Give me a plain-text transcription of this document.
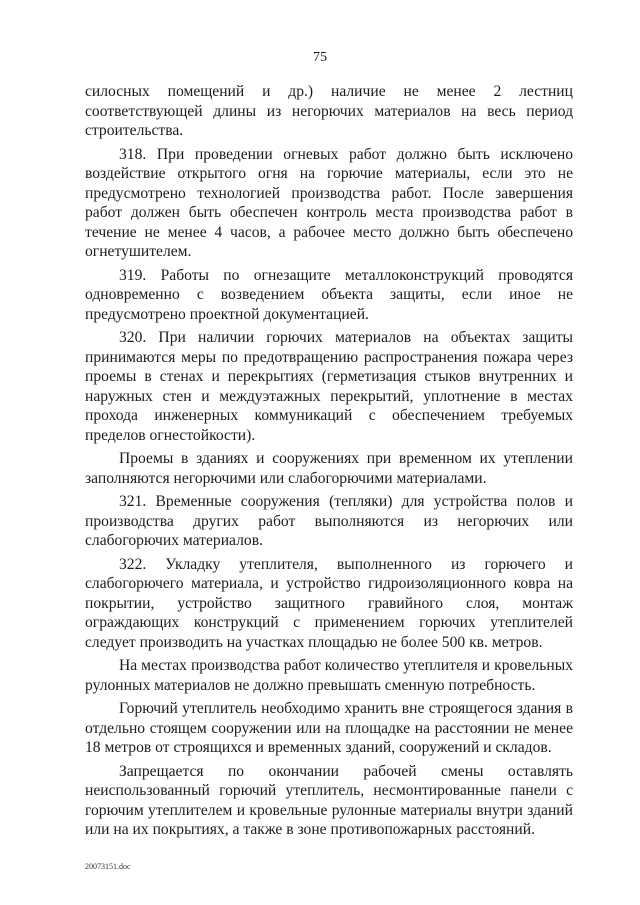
75

силосных помещений и др.) наличие не менее 2 лестниц соответствующей длины из негорючих материалов на весь период строительства.

318. При проведении огневых работ должно быть исключено воздействие открытого огня на горючие материалы, если это не предусмотрено технологией производства работ. После завершения работ должен быть обеспечен контроль места производства работ в течение не менее 4 часов, а рабочее место должно быть обеспечено огнетушителем.

319. Работы по огнезащите металлоконструкций проводятся одновременно с возведением объекта защиты, если иное не предусмотрено проектной документацией.

320. При наличии горючих материалов на объектах защиты принимаются меры по предотвращению распространения пожара через проемы в стенах и перекрытиях (герметизация стыков внутренних и наружных стен и междуэтажных перекрытий, уплотнение в местах прохода инженерных коммуникаций с обеспечением требуемых пределов огнестойкости).

Проемы в зданиях и сооружениях при временном их утеплении заполняются негорючими или слабогорючими материалами.

321. Временные сооружения (тепляки) для устройства полов и производства других работ выполняются из негорючих или слабогорючих материалов.

322. Укладку утеплителя, выполненного из горючего и слабогорючего материала, и устройство гидроизоляционного ковра на покрытии, устройство защитного гравийного слоя, монтаж ограждающих конструкций с применением горючих утеплителей следует производить на участках площадью не более 500 кв. метров.

На местах производства работ количество утеплителя и кровельных рулонных материалов не должно превышать сменную потребность.

Горючий утеплитель необходимо хранить вне строящегося здания в отдельно стоящем сооружении или на площадке на расстоянии не менее 18 метров от строящихся и временных зданий, сооружений и складов.

Запрещается по окончании рабочей смены оставлять неиспользованный горючий утеплитель, несмонтированные панели с горючим утеплителем и кровельные рулонные материалы внутри зданий или на их покрытиях, а также в зоне противопожарных расстояний.

20073151.doc
